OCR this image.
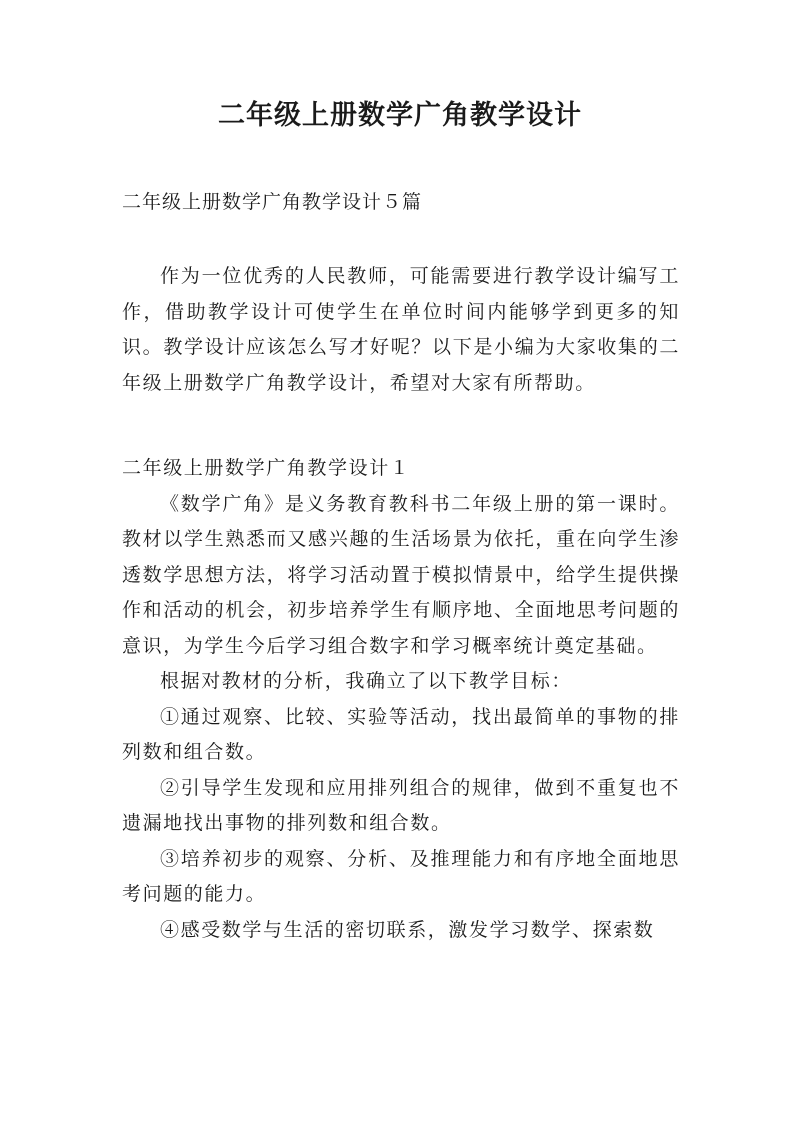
二年级上册数学广角教学设计
二年级上册数学广角教学设计５篇

作为一位优秀的人民教师，可能需要进行教学设计编写工作，借助教学设计可使学生在单位时间内能够学到更多的知识。教学设计应该怎么写才好呢？以下是小编为大家收集的二年级上册数学广角教学设计，希望对大家有所帮助。

二年级上册数学广角教学设计１

《数学广角》是义务教育教科书二年级上册的第一课时。教材以学生熟悉而又感兴趣的生活场景为依托，重在向学生渗透数学思想方法，将学习活动置于模拟情景中，给学生提供操作和活动的机会，初步培养学生有顺序地、全面地思考问题的意识，为学生今后学习组合数字和学习概率统计奠定基础。

根据对教材的分析，我确立了以下教学目标：

①通过观察、比较、实验等活动，找出最简单的事物的排列数和组合数。

②引导学生发现和应用排列组合的规律，做到不重复也不遗漏地找出事物的排列数和组合数。

③培养初步的观察、分析、及推理能力和有序地全面地思考问题的能力。

④感受数学与生活的密切联系，激发学习数学、探索数
